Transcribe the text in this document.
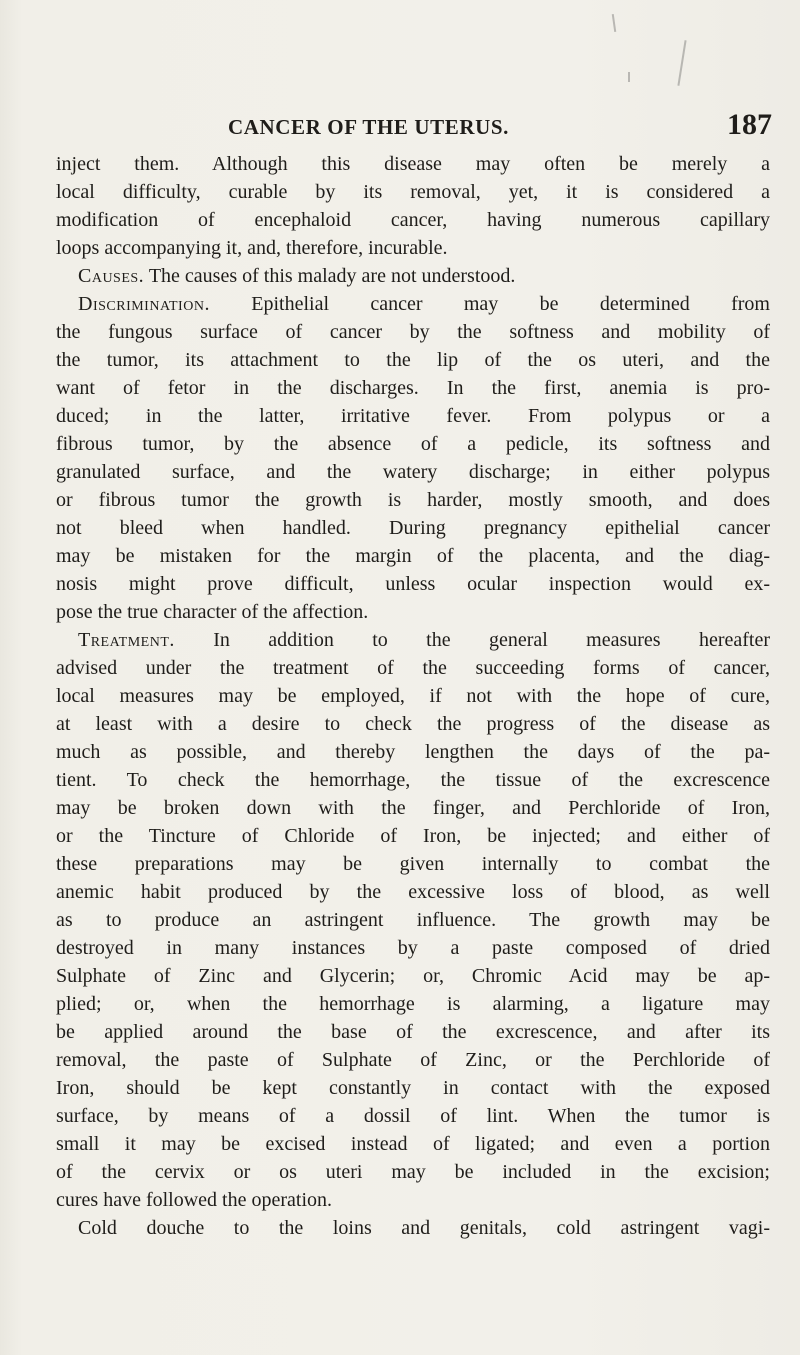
CANCER OF THE UTERUS.	187
inject them. Although this disease may often be merely a
local difficulty, curable by its removal, yet, it is considered a
modification of encephaloid cancer, having numerous capillary
loops accompanying it, and, therefore, incurable.
Causes. The causes of this malady are not understood.
Discrimination. Epithelial cancer may be determined from
the fungous surface of cancer by the softness and mobility of
the tumor, its attachment to the lip of the os uteri, and the
want of fetor in the discharges. In the first, anemia is pro-
duced; in the latter, irritative fever. From polypus or a
fibrous tumor, by the absence of a pedicle, its softness and
granulated surface, and the watery discharge; in either polypus
or fibrous tumor the growth is harder, mostly smooth, and does
not bleed when handled. During pregnancy epithelial cancer
may be mistaken for the margin of the placenta, and the diag-
nosis might prove difficult, unless ocular inspection would ex-
pose the true character of the affection.
Treatment. In addition to the general measures hereafter
advised under the treatment of the succeeding forms of cancer,
local measures may be employed, if not with the hope of cure,
at least with a desire to check the progress of the disease as
much as possible, and thereby lengthen the days of the pa-
tient. To check the hemorrhage, the tissue of the excrescence
may be broken down with the finger, and Perchloride of Iron,
or the Tincture of Chloride of Iron, be injected; and either of
these preparations may be given internally to combat the
anemic habit produced by the excessive loss of blood, as well
as to produce an astringent influence. The growth may be
destroyed in many instances by a paste composed of dried
Sulphate of Zinc and Glycerin; or, Chromic Acid may be ap-
plied; or, when the hemorrhage is alarming, a ligature may
be applied around the base of the excrescence, and after its
removal, the paste of Sulphate of Zinc, or the Perchloride of
Iron, should be kept constantly in contact with the exposed
surface, by means of a dossil of lint. When the tumor is
small it may be excised instead of ligated; and even a portion
of the cervix or os uteri may be included in the excision;
cures have followed the operation.
Cold douche to the loins and genitals, cold astringent vagi-
